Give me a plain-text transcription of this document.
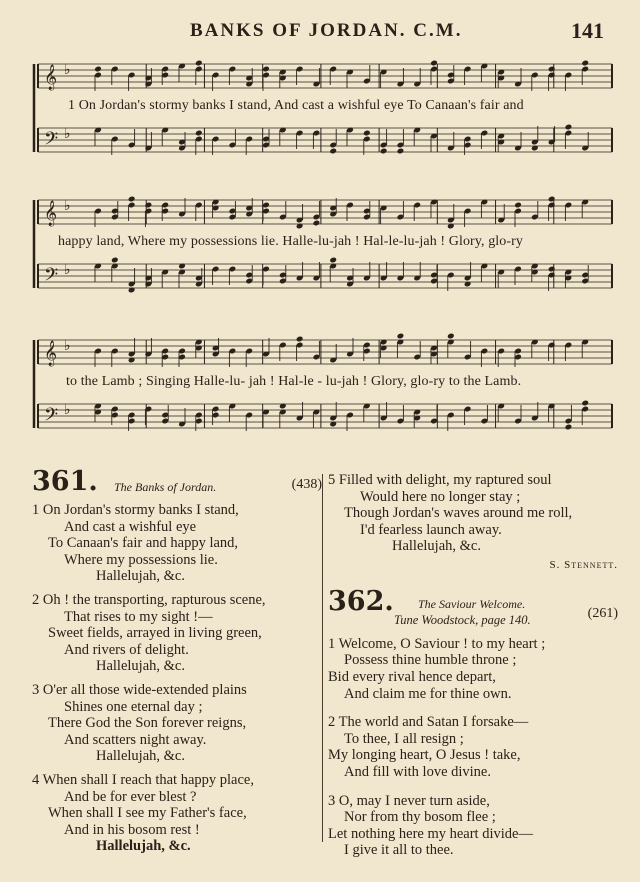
BANKS OF JORDAN. C.M.	141
𝄞 ♭
𝄢 ♭
𝄞 ♭
𝄢 ♭
𝄞 ♭
𝄢 ♭
1 On Jordan's stormy banks I stand, And cast a wishful eye To Canaan's fair and
happy land, Where my possessions lie. Halle-lu-jah ! Hal-le-lu-jah ! Glory, glo-ry
to the Lamb ; Singing Halle-lu- jah ! Hal-le - lu-jah ! Glory, glo-ry to the Lamb.
361. The Banks of Jordan.	(438)
1 On Jordan's stormy banks I stand,
And cast a wishful eye
To Canaan's fair and happy land,
Where my possessions lie.
Hallelujah, &c.
2 Oh ! the transporting, rapturous scene,
That rises to my sight !—
Sweet fields, arrayed in living green,
And rivers of delight.
Hallelujah, &c.
3 O'er all those wide-extended plains
Shines one eternal day ;
There God the Son forever reigns,
And scatters night away.
Hallelujah, &c.
4 When shall I reach that happy place,
And be for ever blest ?
When shall I see my Father's face,
And in his bosom rest !
Hallelujah, &c.
5 Filled with delight, my raptured soul
Would here no longer stay ;
Though Jordan's waves around me roll,
I'd fearless launch away.
Hallelujah, &c.
S. Stennett.
362. The Saviour Welcome.
Tune Woodstock, page 140.	(261)
1 Welcome, O Saviour ! to my heart ;
Possess thine humble throne ;
Bid every rival hence depart,
And claim me for thine own.
2 The world and Satan I forsake—
To thee, I all resign ;
My longing heart, O Jesus ! take,
And fill with love divine.
3 O, may I never turn aside,
Nor from thy bosom flee ;
Let nothing here my heart divide—
I give it all to thee.
